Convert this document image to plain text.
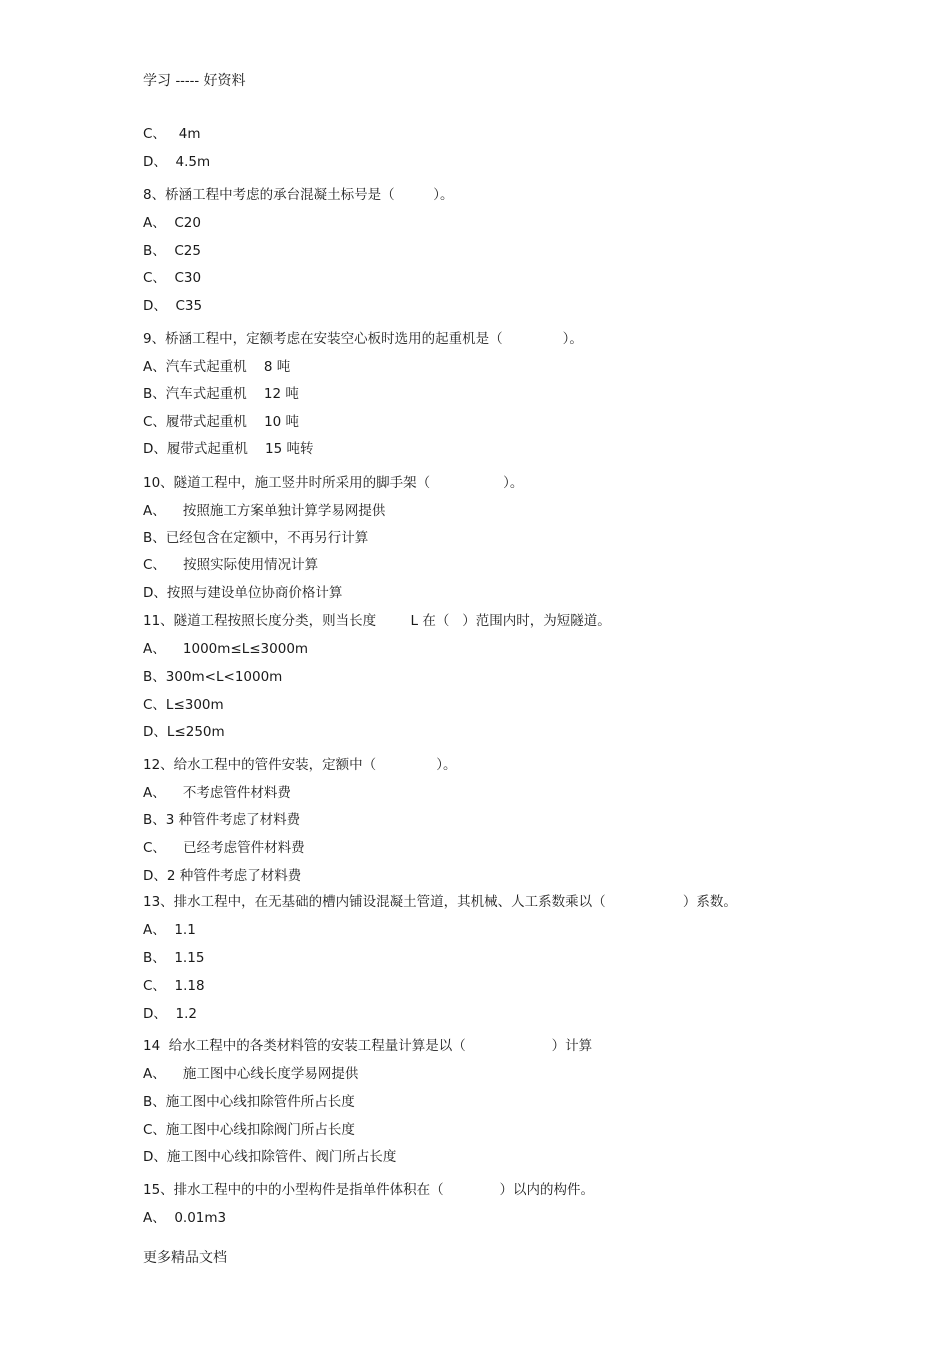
学习 ----- 好资料
C、   4m
D、  4.5m
8、桥涵工程中考虑的承台混凝土标号是（         ）。
A、  C20
B、  C25
C、  C30
D、  C35
9、桥涵工程中，定额考虑在安装空心板时选用的起重机是（              ）。
A、汽车式起重机    8 吨
B、汽车式起重机    12 吨
C、履带式起重机    10 吨
D、履带式起重机    15 吨转
10、隧道工程中，施工竖井时所采用的脚手架（                 ）。
A、    按照施工方案单独计算学易网提供
B、已经包含在定额中，不再另行计算
C、    按照实际使用情况计算
D、按照与建设单位协商价格计算
11、隧道工程按照长度分类，则当长度        L 在（   ）范围内时，为短隧道。
A、    1000m≤L≤3000m
B、300m<L<1000m
C、L≤300m
D、L≤250m
12、给水工程中的管件安装，定额中（              ）。
A、    不考虑管件材料费
B、3 种管件考虑了材料费
C、    已经考虑管件材料费
D、2 种管件考虑了材料费
13、排水工程中，在无基础的槽内铺设混凝土管道，其机械、人工系数乘以（                  ）系数。
A、  1.1
B、  1.15
C、  1.18
D、  1.2
14  给水工程中的各类材料管的安装工程量计算是以（                    ）计算
A、    施工图中心线长度学易网提供
B、施工图中心线扣除管件所占长度
C、施工图中心线扣除阀门所占长度
D、施工图中心线扣除管件、阀门所占长度
15、排水工程中的中的小型构件是指单件体积在（             ）以内的构件。
A、  0.01m3
更多精品文档
